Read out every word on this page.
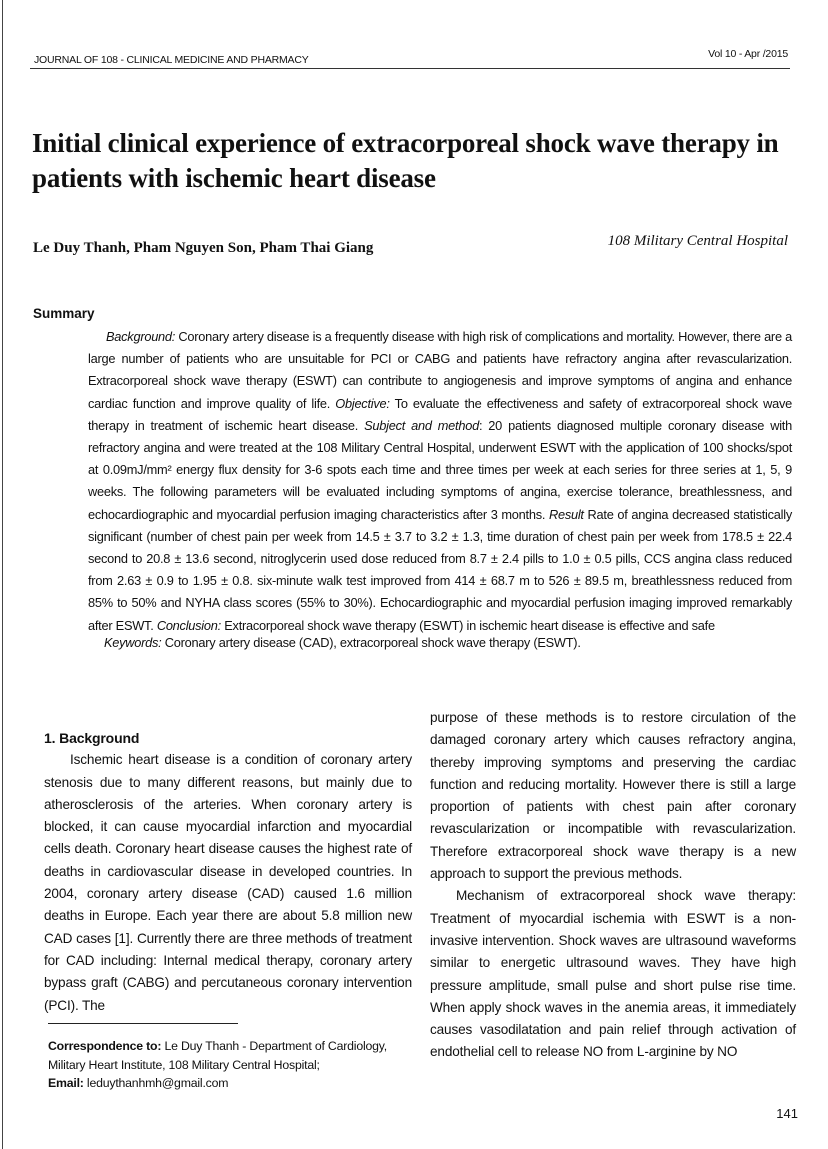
JOURNAL OF 108 - CLINICAL MEDICINE AND PHARMACY	Vol 10 - Apr /2015
Initial clinical experience of extracorporeal shock wave therapy in patients with ischemic heart disease
Le Duy Thanh, Pham Nguyen Son, Pham Thai Giang	108 Military Central Hospital
Summary
Background: Coronary artery disease is a frequently disease with high risk of complications and mortality. However, there are a large number of patients who are unsuitable for PCI or CABG and patients have refractory angina after revascularization. Extracorporeal shock wave therapy (ESWT) can contribute to angiogenesis and improve symptoms of angina and enhance cardiac function and improve quality of life. Objective: To evaluate the effectiveness and safety of extracorporeal shock wave therapy in treatment of ischemic heart disease. Subject and method: 20 patients diagnosed multiple coronary disease with refractory angina and were treated at the 108 Military Central Hospital, underwent ESWT with the application of 100 shocks/spot at 0.09mJ/mm² energy flux density for 3-6 spots each time and three times per week at each series for three series at 1, 5, 9 weeks. The following parameters will be evaluated including symptoms of angina, exercise tolerance, breathlessness, and echocardiographic and myocardial perfusion imaging characteristics after 3 months. Result Rate of angina decreased statistically significant (number of chest pain per week from 14.5 ± 3.7 to 3.2 ± 1.3, time duration of chest pain per week from 178.5 ± 22.4 second to 20.8 ± 13.6 second, nitroglycerin used dose reduced from 8.7 ± 2.4 pills to 1.0 ± 0.5 pills, CCS angina class reduced from 2.63 ± 0.9 to 1.95 ± 0.8. six-minute walk test improved from 414 ± 68.7 m to 526 ± 89.5 m, breathlessness reduced from 85% to 50% and NYHA class scores (55% to 30%). Echocardiographic and myocardial perfusion imaging improved remarkably after ESWT. Conclusion: Extracorporeal shock wave therapy (ESWT) in ischemic heart disease is effective and safe
Keywords: Coronary artery disease (CAD), extracorporeal shock wave therapy (ESWT).
1. Background

Ischemic heart disease is a condition of coronary artery stenosis due to many different reasons, but mainly due to atherosclerosis of the arteries. When coronary artery is blocked, it can cause myocardial infarction and myocardial cells death. Coronary heart disease causes the highest rate of deaths in cardiovascular disease in developed countries. In 2004, coronary artery disease (CAD) caused 1.6 million deaths in Europe. Each year there are about 5.8 million new CAD cases [1]. Currently there are three methods of treatment for CAD including: Internal medical therapy, coronary artery bypass graft (CABG) and percutaneous coronary intervention (PCI). The

purpose of these methods is to restore circulation of the damaged coronary artery which causes refractory angina, thereby improving symptoms and preserving the cardiac function and reducing mortality. However there is still a large proportion of patients with chest pain after coronary revascularization or incompatible with revascularization. Therefore extracorporeal shock wave therapy is a new approach to support the previous methods.

Mechanism of extracorporeal shock wave therapy: Treatment of myocardial ischemia with ESWT is a non-invasive intervention. Shock waves are ultrasound waveforms similar to energetic ultrasound waves. They have high pressure amplitude, small pulse and short pulse rise time. When apply shock waves in the anemia areas, it immediately causes vasodilatation and pain relief through activation of endothelial cell to release NO from L-arginine by NO

Correspondence to: Le Duy Thanh - Department of Cardiology, Military Heart Institute, 108 Military Central Hospital;
Email: leduythanhmh@gmail.com
141
